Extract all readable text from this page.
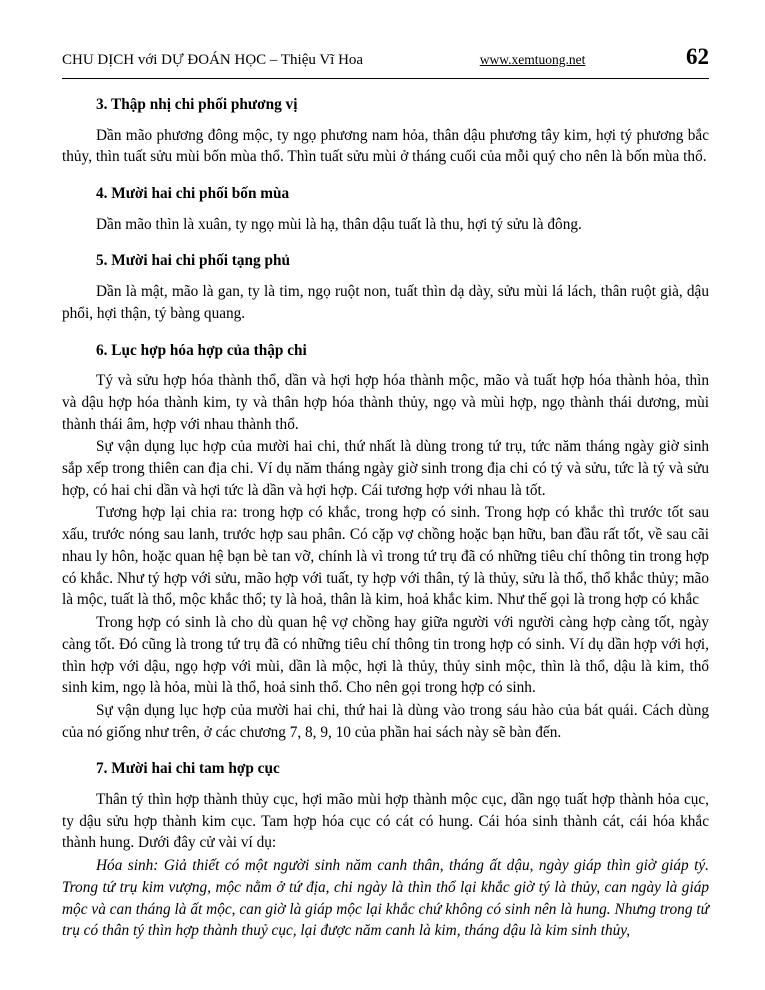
CHU DỊCH với DỰ ĐOÁN HỌC – Thiệu Vĩ Hoa	www.xemtuong.net	62
3. Thập nhị chi phối phương vị

Dần mão phương đông mộc, ty ngọ phương nam hỏa, thân dậu phương tây kim, hợi tý phương bắc thủy, thìn tuất sửu mùi bốn mùa thổ. Thìn tuất sửu mùi ở tháng cuối của mỗi quý cho nên là bốn mùa thổ.

4. Mười hai chi phối bốn mùa

Dần mão thìn là xuân, ty ngọ mùi là hạ, thân dậu tuất là thu, hợi tý sửu là đông.

5. Mười hai chi phối tạng phủ

Dần là mật, mão là gan, ty là tim, ngọ ruột non, tuất thìn dạ dày, sửu mùi lá lách, thân ruột già, dậu phổi, hợi thận, tý bàng quang.

6. Lục hợp hóa hợp của thập chi

Tý và sửu hợp hóa thành thổ, dần và hợi hợp hóa thành mộc, mão và tuất hợp hóa thành hỏa, thìn và dậu hợp hóa thành kim, ty và thân hợp hóa thành thủy, ngọ và mùi hợp, ngọ thành thái dương, mùi thành thái âm, hợp với nhau thành thổ.

Sự vận dụng lục hợp của mười hai chi, thứ nhất là dùng trong tứ trụ, tức năm tháng ngày giờ sinh sắp xếp trong thiên can địa chi. Ví dụ năm tháng ngày giờ sinh trong địa chi có tý và sửu, tức là tý và sửu hợp, có hai chi dần và hợi tức là dần và hợi hợp. Cái tương hợp với nhau là tốt.

Tương hợp lại chia ra: trong hợp có khắc, trong hợp có sinh. Trong hợp có khắc thì trước tốt sau xấu, trước nóng sau lanh, trước hợp sau phân. Có cặp vợ chồng hoặc bạn hữu, ban đầu rất tốt, về sau cãi nhau ly hôn, hoặc quan hệ bạn bè tan vỡ, chính là vì trong tứ trụ đã có những tiêu chí thông tin trong hợp có khắc. Như tý hợp với sửu, mão hợp với tuất, ty hợp với thân, tý là thủy, sửu là thổ, thổ khắc thủy; mão là mộc, tuất là thổ, mộc khắc thổ; ty là hoả, thân là kim, hoả khắc kim. Như thế gọi là trong hợp có khắc

Trong hợp có sinh là cho dù quan hệ vợ chồng hay giữa người với người càng hợp càng tốt, ngày càng tốt. Đó cũng là trong tứ trụ đã có những tiêu chí thông tin trong hợp có sinh. Ví dụ dần hợp với hợi, thìn hợp với dậu, ngọ hợp với mùi, dần là mộc, hợi là thủy, thủy sinh mộc, thìn là thổ, dậu là kim, thổ sinh kim, ngọ là hỏa, mùi là thổ, hoả sinh thổ. Cho nên gọi trong hợp có sinh.

Sự vận dụng lục hợp của mười hai chi, thứ hai là dùng vào trong sáu hào của bát quái. Cách dùng của nó giống như trên, ở các chương 7, 8, 9, 10 của phần hai sách này sẽ bàn đến.

7. Mười hai chi tam hợp cục

Thân tý thìn hợp thành thủy cục, hợi mão mùi hợp thành mộc cục, dần ngọ tuất hợp thành hỏa cục, ty dậu sửu hợp thành kim cục. Tam hợp hóa cục có cát có hung. Cái hóa sinh thành cát, cái hóa khắc thành hung. Dưới đây cử vài ví dụ:

Hóa sinh: Giả thiết có một người sinh năm canh thân, tháng ất dậu, ngày giáp thìn giờ giáp tý. Trong tứ trụ kim vượng, mộc nằm ở tứ địa, chi ngày là thìn thổ lại khắc giờ tý là thủy, can ngày là giáp mộc và can tháng là ất mộc, can giờ là giáp mộc lại khắc chứ không có sinh nên là hung. Nhưng trong tứ trụ có thân tý thìn hợp thành thuỷ cục, lại được năm canh là kim, tháng dậu là kim sinh thủy,
